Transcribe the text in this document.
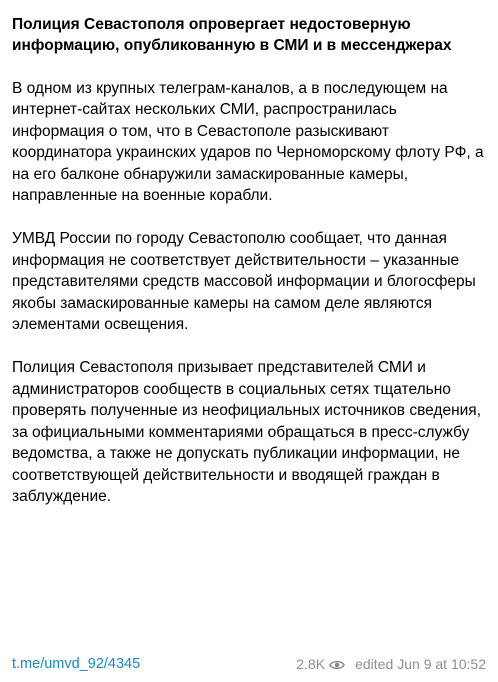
Полиция Севастополя опровергает недостоверную информацию, опубликованную в СМИ и в мессенджерах

В одном из крупных телеграм-каналов, а в последующем на интернет-сайтах нескольких СМИ, распространилась информация о том, что в Севастополе разыскивают координатора украинских ударов по Черноморскому флоту РФ, а на его балконе обнаружили замаскированные камеры, направленные на военные корабли.

УМВД России по городу Севастополю сообщает, что данная информация не соответствует действительности – указанные представителями средств массовой информации и блогосферы якобы замаскированные камеры на самом деле являются элементами освещения.

Полиция Севастополя призывает представителей СМИ и администраторов сообществ в социальных сетях тщательно проверять полученные из неофициальных источников сведения, за официальными комментариями обращаться в пресс-службу ведомства, а также не допускать публикации информации, не соответствующей действительности и вводящей граждан в заблуждение.

t.me/umvd_92/4345	2.8K edited Jun 9 at 10:52
